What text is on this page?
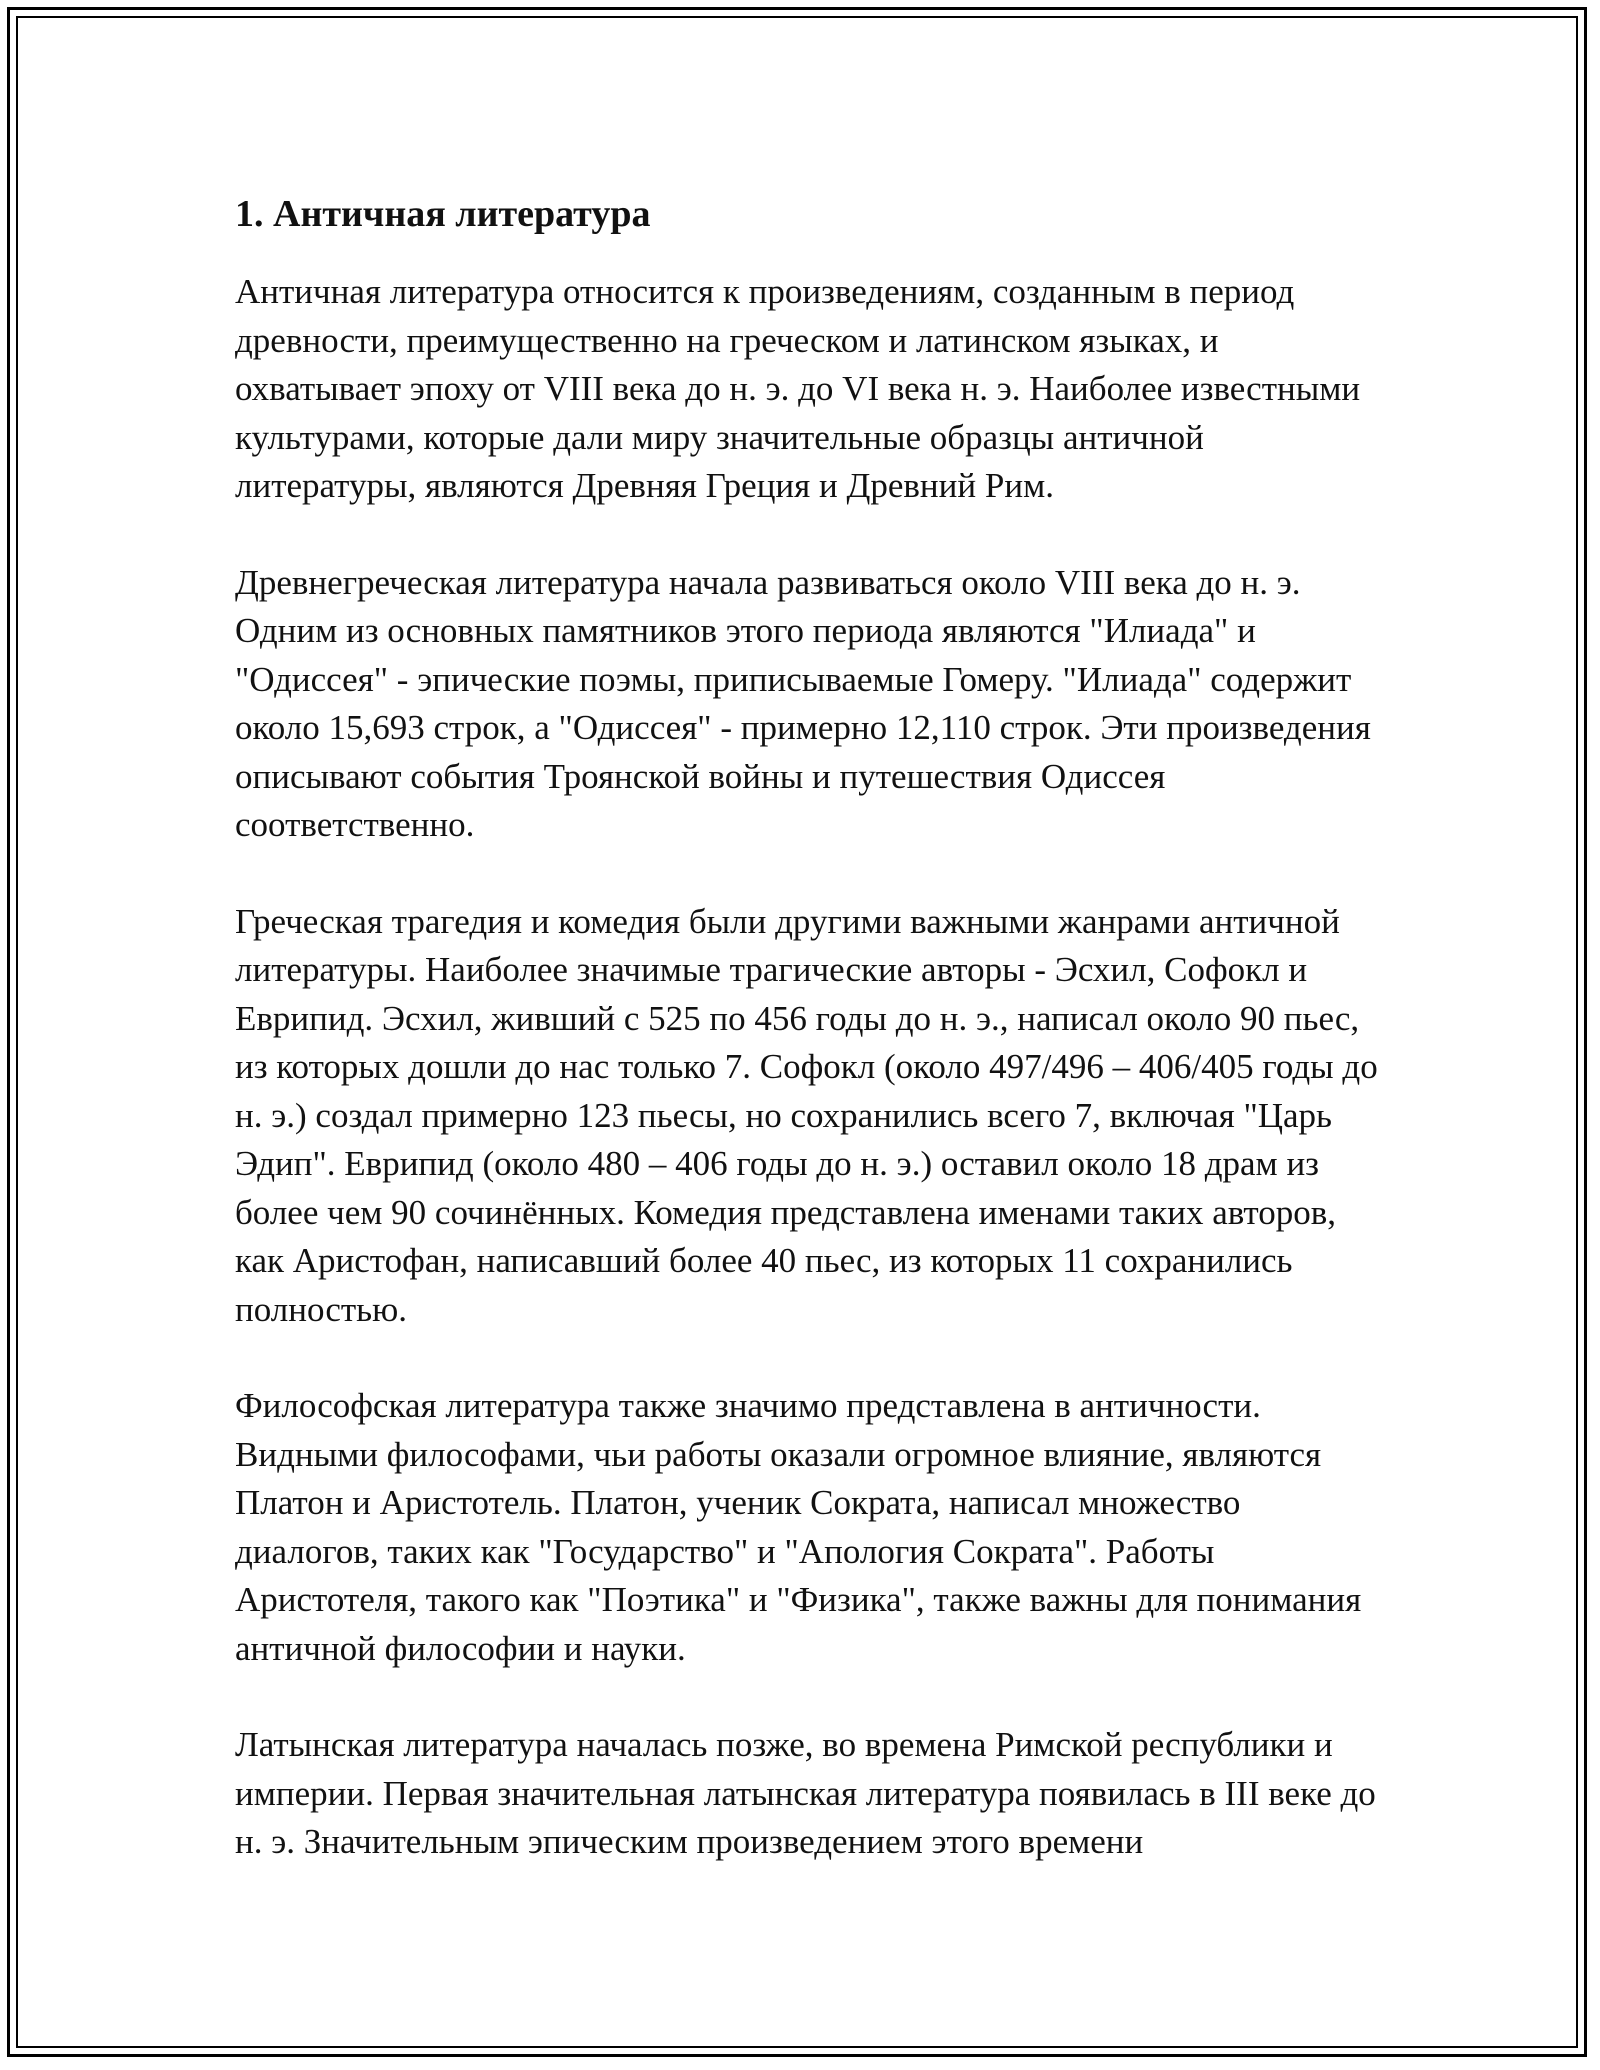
1. Античная литература

Античная литература относится к произведениям, созданным в период древности, преимущественно на греческом и латинском языках, и охватывает эпоху от VIII века до н. э. до VI века н. э. Наиболее известными культурами, которые дали миру значительные образцы античной литературы, являются Древняя Греция и Древний Рим.

Древнегреческая литература начала развиваться около VIII века до н. э. Одним из основных памятников этого периода являются "Илиада" и "Одиссея" - эпические поэмы, приписываемые Гомеру. "Илиада" содержит около 15,693 строк, а "Одиссея" - примерно 12,110 строк. Эти произведения описывают события Троянской войны и путешествия Одиссея соответственно.

Греческая трагедия и комедия были другими важными жанрами античной литературы. Наиболее значимые трагические авторы - Эсхил, Софокл и Еврипид. Эсхил, живший с 525 по 456 годы до н. э., написал около 90 пьес, из которых дошли до нас только 7. Софокл (около 497/496 – 406/405 годы до н. э.) создал примерно 123 пьесы, но сохранились всего 7, включая "Царь Эдип". Еврипид (около 480 – 406 годы до н. э.) оставил около 18 драм из более чем 90 сочинённых. Комедия представлена именами таких авторов, как Аристофан, написавший более 40 пьес, из которых 11 сохранились полностью.

Философская литература также значимо представлена в античности. Видными философами, чьи работы оказали огромное влияние, являются Платон и Аристотель. Платон, ученик Сократа, написал множество диалогов, таких как "Государство" и "Апология Сократа". Работы Аристотеля, такого как "Поэтика" и "Физика", также важны для понимания античной философии и науки.

Латынская литература началась позже, во времена Римской республики и империи. Первая значительная латынская литература появилась в III веке до н. э. Значительным эпическим произведением этого времени
